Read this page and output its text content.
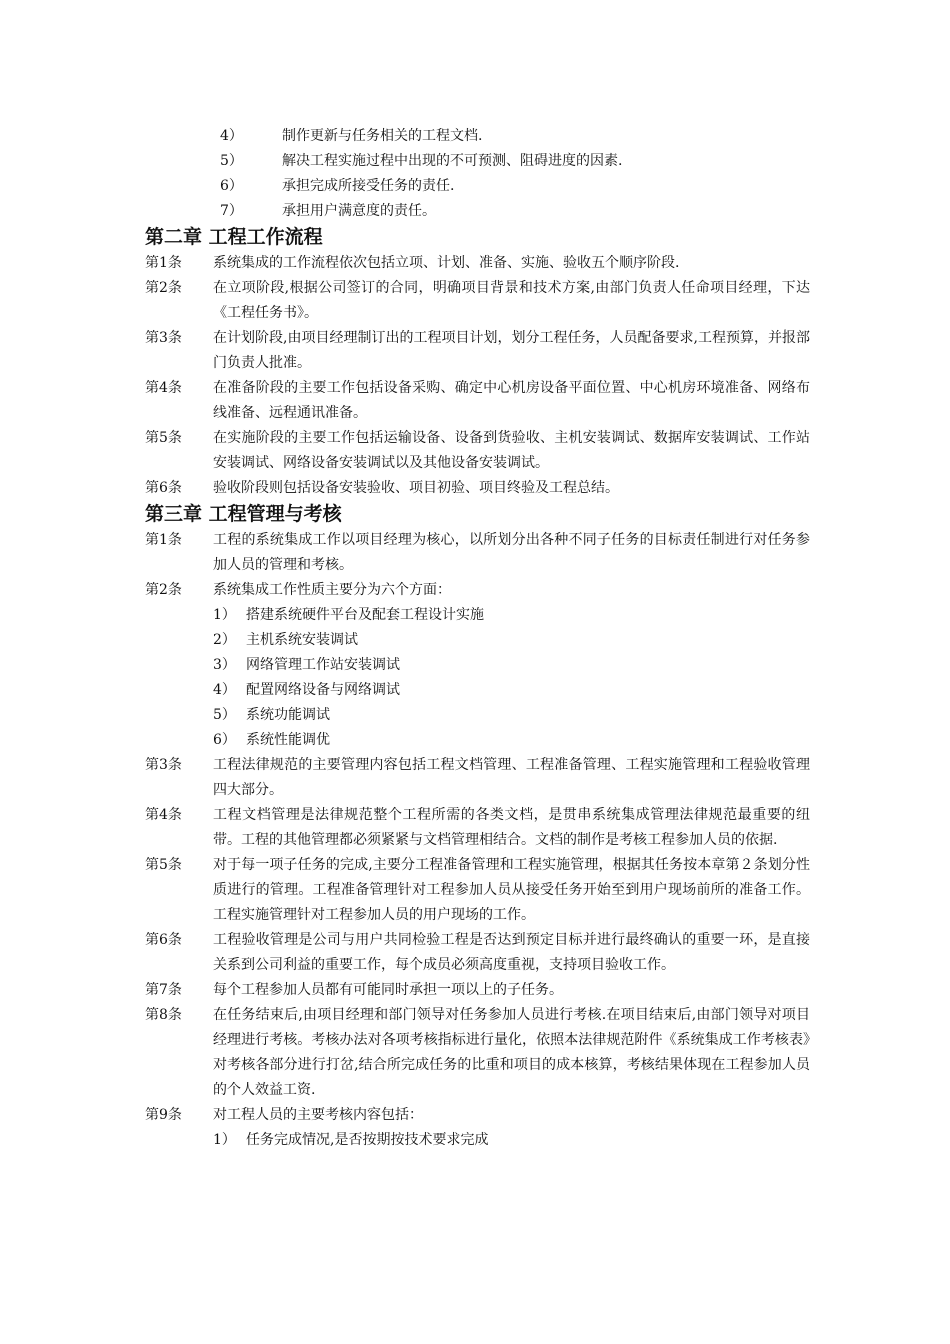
4）	制作更新与任务相关的工程文档.
5）	解决工程实施过程中出现的不可预测、阻碍进度的因素.
6）	承担完成所接受任务的责任.
7）	承担用户满意度的责任。
第二章 工程工作流程
第1条	系统集成的工作流程依次包括立项、计划、准备、实施、验收五个顺序阶段.
第2条	在立项阶段,根据公司签订的合同，明确项目背景和技术方案,由部门负责人任命项目经理，下达《工程任务书》。
第3条	在计划阶段,由项目经理制订出的工程项目计划，划分工程任务，人员配备要求,工程预算，并报部门负责人批准。
第4条	在准备阶段的主要工作包括设备采购、确定中心机房设备平面位置、中心机房环境准备、网络布线准备、远程通讯准备。
第5条	在实施阶段的主要工作包括运输设备、设备到货验收、主机安装调试、数据库安装调试、工作站安装调试、网络设备安装调试以及其他设备安装调试。
第6条	验收阶段则包括设备安装验收、项目初验、项目终验及工程总结。
第三章 工程管理与考核
第1条	工程的系统集成工作以项目经理为核心，以所划分出各种不同子任务的目标责任制进行对任务参加人员的管理和考核。
第2条	系统集成工作性质主要分为六个方面：
1） 搭建系统硬件平台及配套工程设计实施
2） 主机系统安装调试
3） 网络管理工作站安装调试
4） 配置网络设备与网络调试
5） 系统功能调试
6） 系统性能调优
第3条	工程法律规范的主要管理内容包括工程文档管理、工程准备管理、工程实施管理和工程验收管理四大部分。
第4条	工程文档管理是法律规范整个工程所需的各类文档，是贯串系统集成管理法律规范最重要的纽带。工程的其他管理都必须紧紧与文档管理相结合。文档的制作是考核工程参加人员的依据.
第5条	对于每一项子任务的完成,主要分工程准备管理和工程实施管理，根据其任务按本章第２条划分性质进行的管理。工程准备管理针对工程参加人员从接受任务开始至到用户现场前所的准备工作。工程实施管理针对工程参加人员的用户现场的工作。
第6条	工程验收管理是公司与用户共同检验工程是否达到预定目标并进行最终确认的重要一环，是直接关系到公司利益的重要工作，每个成员必须高度重视，支持项目验收工作。
第7条	每个工程参加人员都有可能同时承担一项以上的子任务。
第8条	在任务结束后,由项目经理和部门领导对任务参加人员进行考核.在项目结束后,由部门领导对项目经理进行考核。考核办法对各项考核指标进行量化，依照本法律规范附件《系统集成工作考核表》对考核各部分进行打岔,结合所完成任务的比重和项目的成本核算，考核结果体现在工程参加人员的个人效益工资.
第9条	对工程人员的主要考核内容包括：
1） 任务完成情况,是否按期按技术要求完成
